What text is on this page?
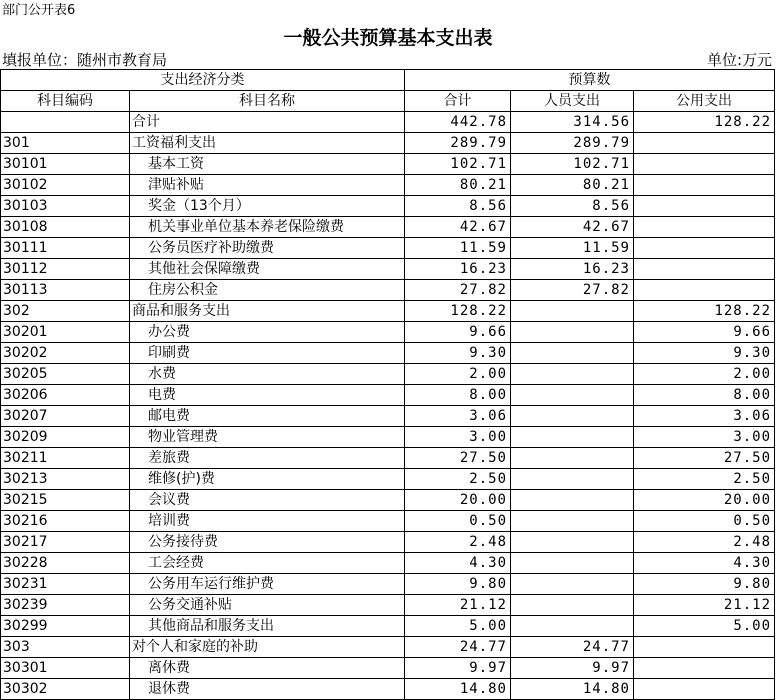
部门公开表6
一般公共预算基本支出表
填报单位：随州市教育局	单位:万元
支出经济分类		预算数		
科目编码	科目名称	合计	人员支出	公用支出
	合计	442.78	314.56	128.22
301	工资福利支出	289.79	289.79	
30101	基本工资	102.71	102.71	
30102	津贴补贴	80.21	80.21	
30103	奖金（13个月）	8.56	8.56	
30108	机关事业单位基本养老保险缴费	42.67	42.67	
30111	公务员医疗补助缴费	11.59	11.59	
30112	其他社会保障缴费	16.23	16.23	
30113	住房公积金	27.82	27.82	
302	商品和服务支出	128.22		128.22
30201	办公费	9.66		9.66
30202	印刷费	9.30		9.30
30205	水费	2.00		2.00
30206	电费	8.00		8.00
30207	邮电费	3.06		3.06
30209	物业管理费	3.00		3.00
30211	差旅费	27.50		27.50
30213	维修(护)费	2.50		2.50
30215	会议费	20.00		20.00
30216	培训费	0.50		0.50
30217	公务接待费	2.48		2.48
30228	工会经费	4.30		4.30
30231	公务用车运行维护费	9.80		9.80
30239	公务交通补贴	21.12		21.12
30299	其他商品和服务支出	5.00		5.00
303	对个人和家庭的补助	24.77	24.77	
30301	离休费	9.97	9.97	
30302	退休费	14.80	14.80	
